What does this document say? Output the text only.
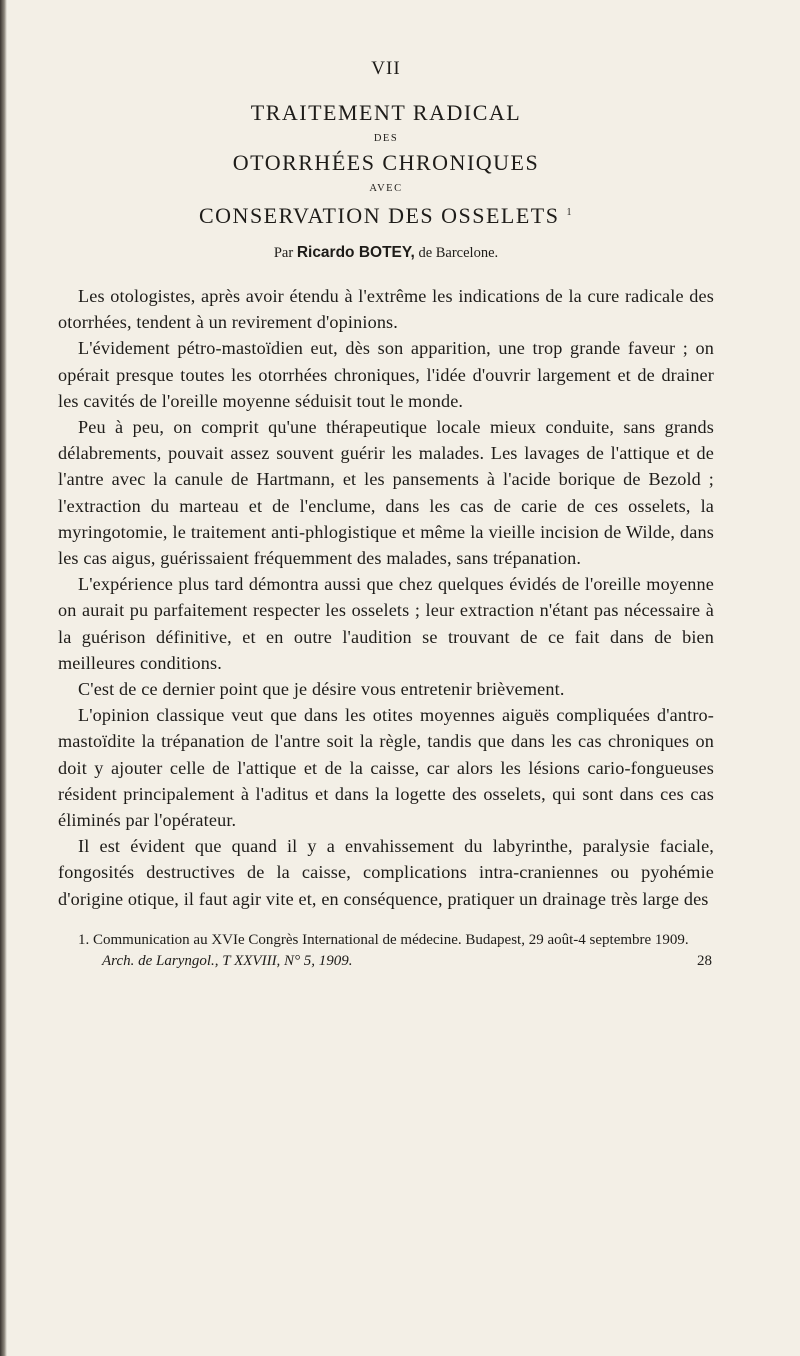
VII
TRAITEMENT RADICAL
DES
OTORRHÉES CHRONIQUES
AVEC
CONSERVATION DES OSSELETS $^1$
Par Ricardo BOTEY, de Barcelone.

Les otologistes, après avoir étendu à l'extrême les indications de la cure radicale des otorrhées, tendent à un revirement d'opinions.

L'évidement pétro-mastoïdien eut, dès son apparition, une trop grande faveur ; on opérait presque toutes les otorrhées chroniques, l'idée d'ouvrir largement et de drainer les cavités de l'oreille moyenne séduisit tout le monde.

Peu à peu, on comprit qu'une thérapeutique locale mieux conduite, sans grands délabrements, pouvait assez souvent guérir les malades. Les lavages de l'attique et de l'antre avec la canule de Hartmann, et les pansements à l'acide borique de Bezold ; l'extraction du marteau et de l'enclume, dans les cas de carie de ces osselets, la myringotomie, le traitement anti-phlogistique et même la vieille incision de Wilde, dans les cas aigus, guérissaient fréquemment des malades, sans trépanation.

L'expérience plus tard démontra aussi que chez quelques évidés de l'oreille moyenne on aurait pu parfaitement respecter les osselets ; leur extraction n'étant pas nécessaire à la guérison définitive, et en outre l'audition se trouvant de ce fait dans de bien meilleures conditions.

C'est de ce dernier point que je désire vous entretenir brièvement.

L'opinion classique veut que dans les otites moyennes aiguës compliquées d'antro-mastoïdite la trépanation de l'antre soit la règle, tandis que dans les cas chroniques on doit y ajouter celle de l'attique et de la caisse, car alors les lésions cario-fongueuses résident principalement à l'aditus et dans la logette des osselets, qui sont dans ces cas éliminés par l'opérateur.

Il est évident que quand il y a envahissement du labyrinthe, paralysie faciale, fongosités destructives de la caisse, complications intra-craniennes ou pyohémie d'origine otique, il faut agir vite et, en conséquence, pratiquer un drainage très large des

1. Communication au XVIe Congrès International de médecine. Budapest, 29 août-4 septembre 1909.

Arch. de Laryngol., T XXVIII, N° 5, 1909.	28
